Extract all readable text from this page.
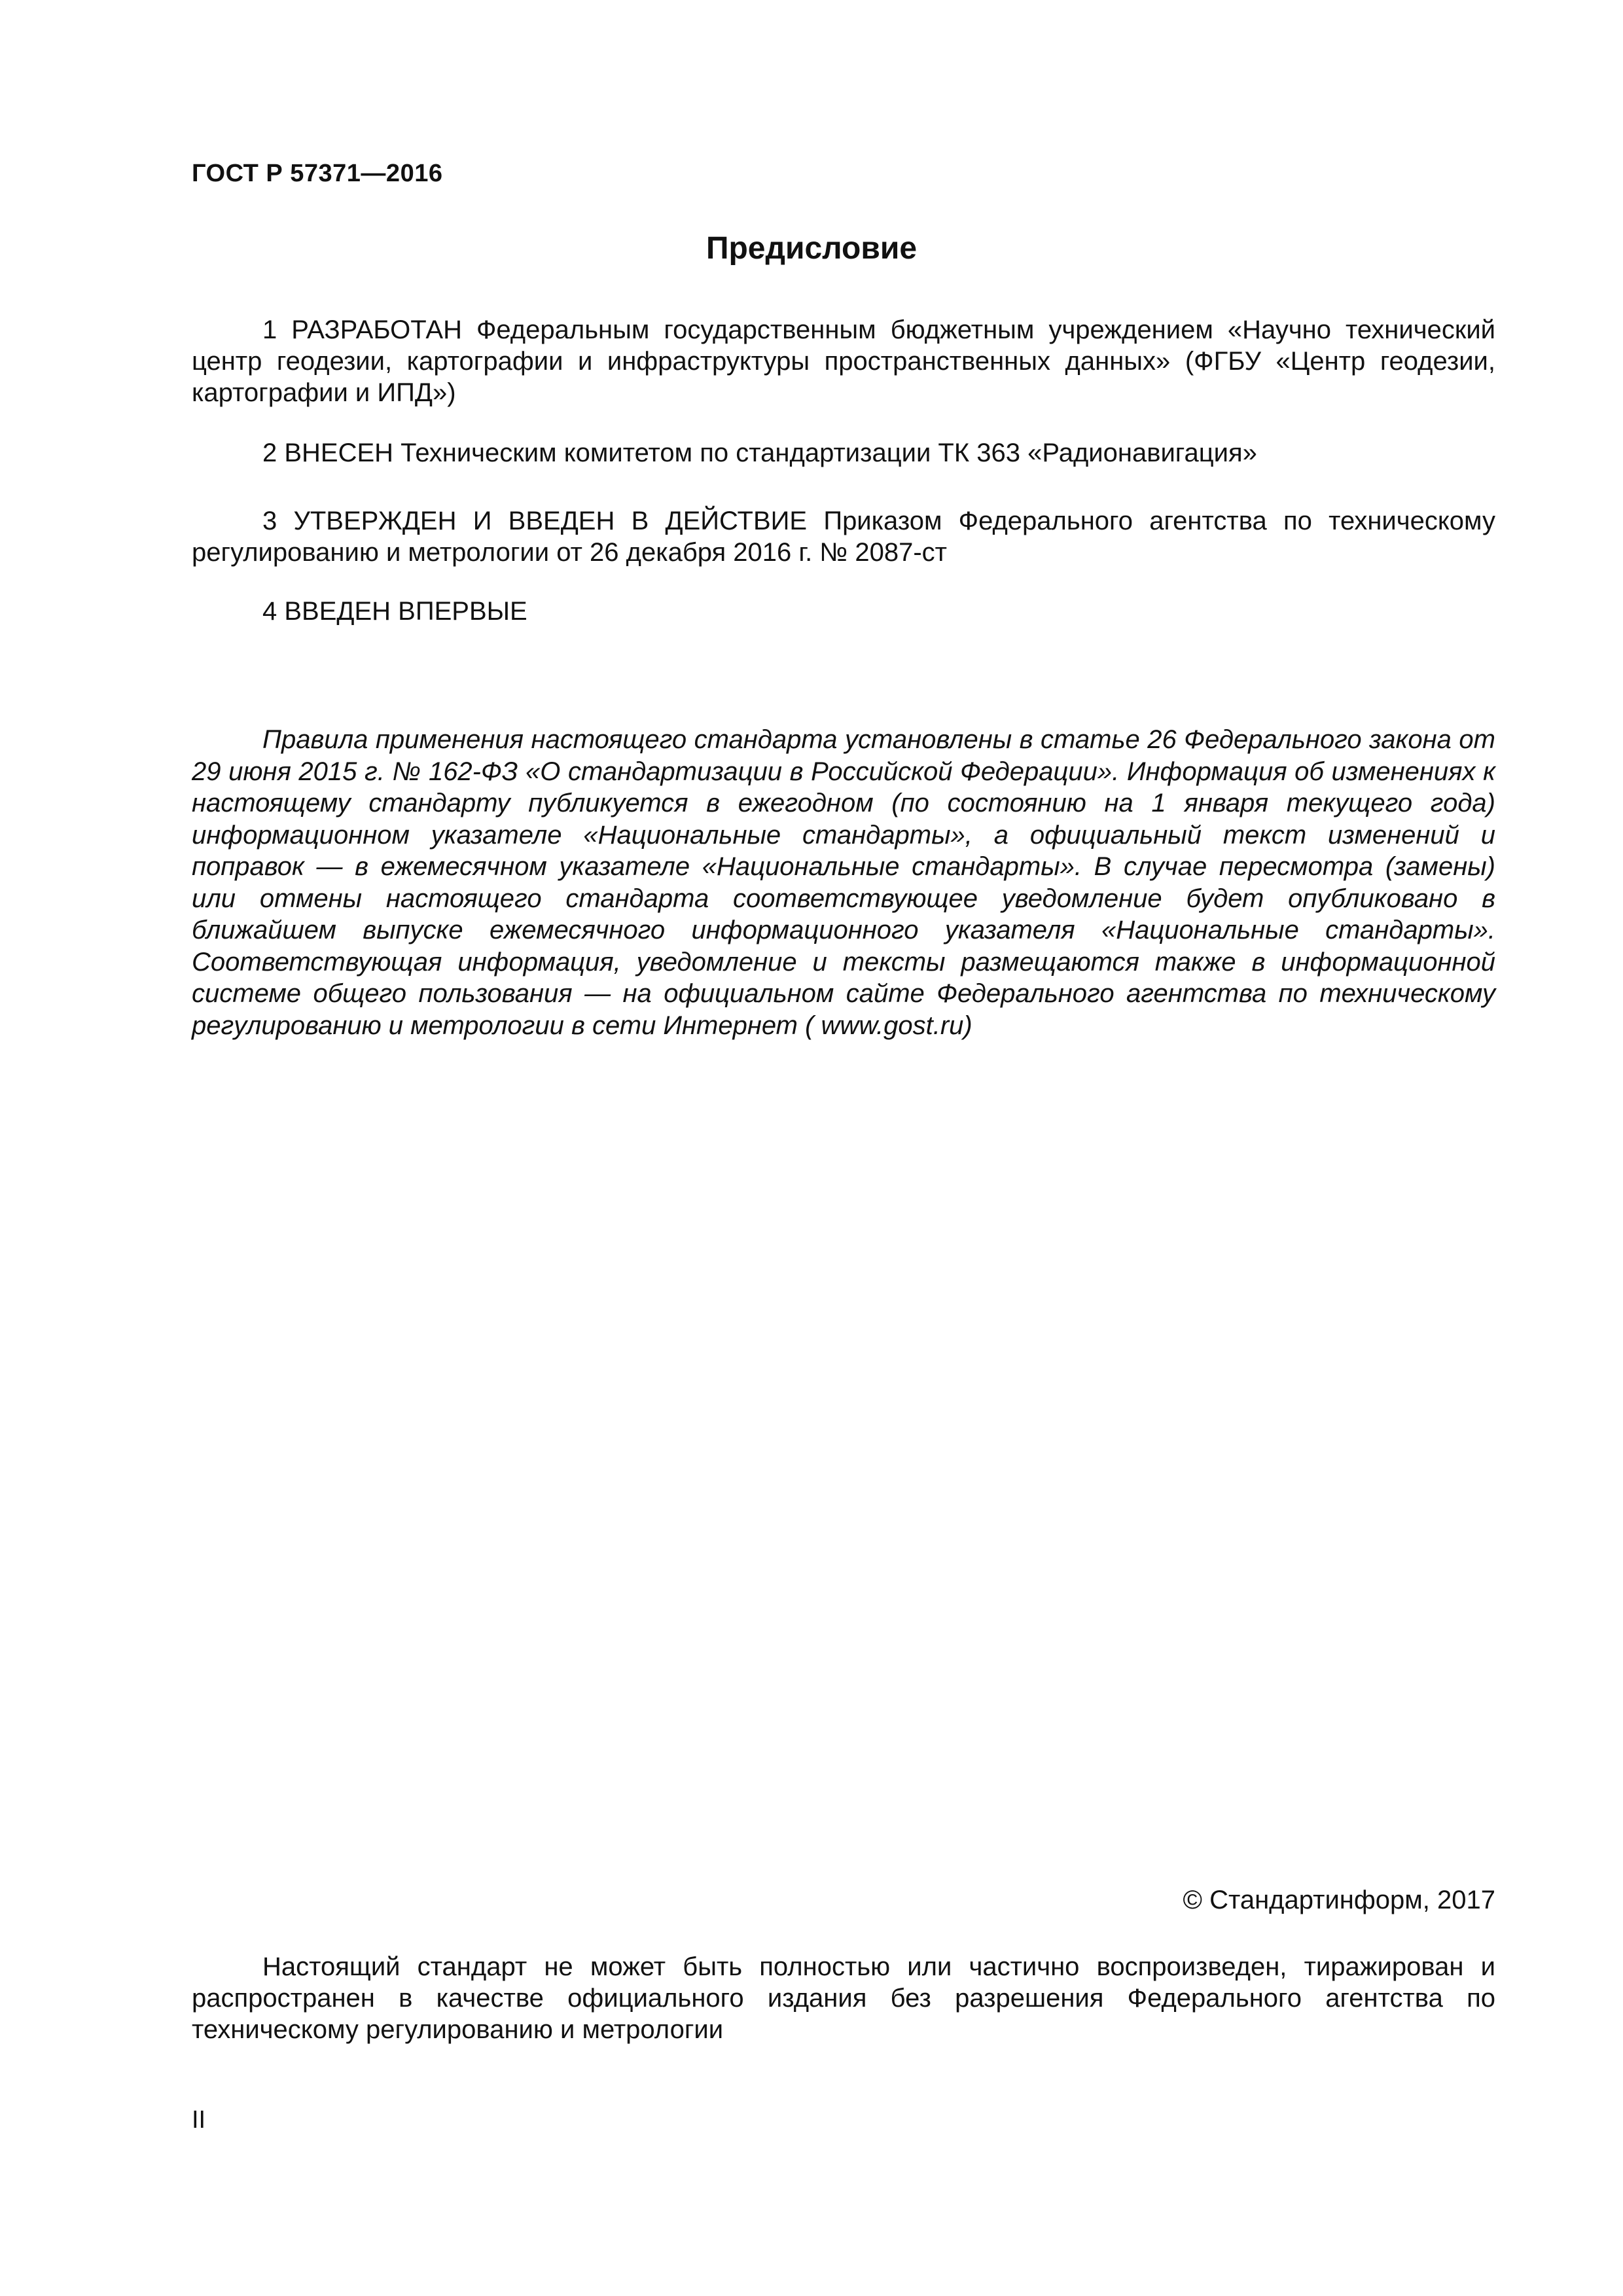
ГОСТ Р 57371—2016
Предисловие

1 РАЗРАБОТАН Федеральным государственным бюджетным учреждением «Научно технический центр геодезии, картографии и инфраструктуры пространственных данных» (ФГБУ «Центр геодезии, картографии и ИПД»)

2 ВНЕСЕН Техническим комитетом по стандартизации ТК 363 «Радионавигация»

3 УТВЕРЖДЕН И ВВЕДЕН В ДЕЙСТВИЕ Приказом Федерального агентства по техническому регулированию и метрологии от 26 декабря 2016 г. № 2087-ст

4 ВВЕДЕН ВПЕРВЫЕ

Правила применения настоящего стандарта установлены в статье 26 Федерального закона от 29 июня 2015 г. № 162-ФЗ «О стандартизации в Российской Федерации». Информация об изменениях к настоящему стандарту публикуется в ежегодном (по состоянию на 1 января текущего года) информационном указателе «Национальные стандарты», а официальный текст изменений и поправок — в ежемесячном указателе «Национальные стандарты». В случае пересмотра (замены) или отмены настоящего стандарта соответствующее уведомление будет опубликовано в ближайшем выпуске ежемесячного информационного указателя «Национальные стандарты». Соответствующая информация, уведомление и тексты размещаются также в информационной системе общего пользования — на официальном сайте Федерального агентства по техническому регулированию и метрологии в сети Интернет ( www.gost.ru)

© Стандартинформ, 2017

Настоящий стандарт не может быть полностью или частично воспроизведен, тиражирован и распространен в качестве официального издания без разрешения Федерального агентства по техническому регулированию и метрологии

II
